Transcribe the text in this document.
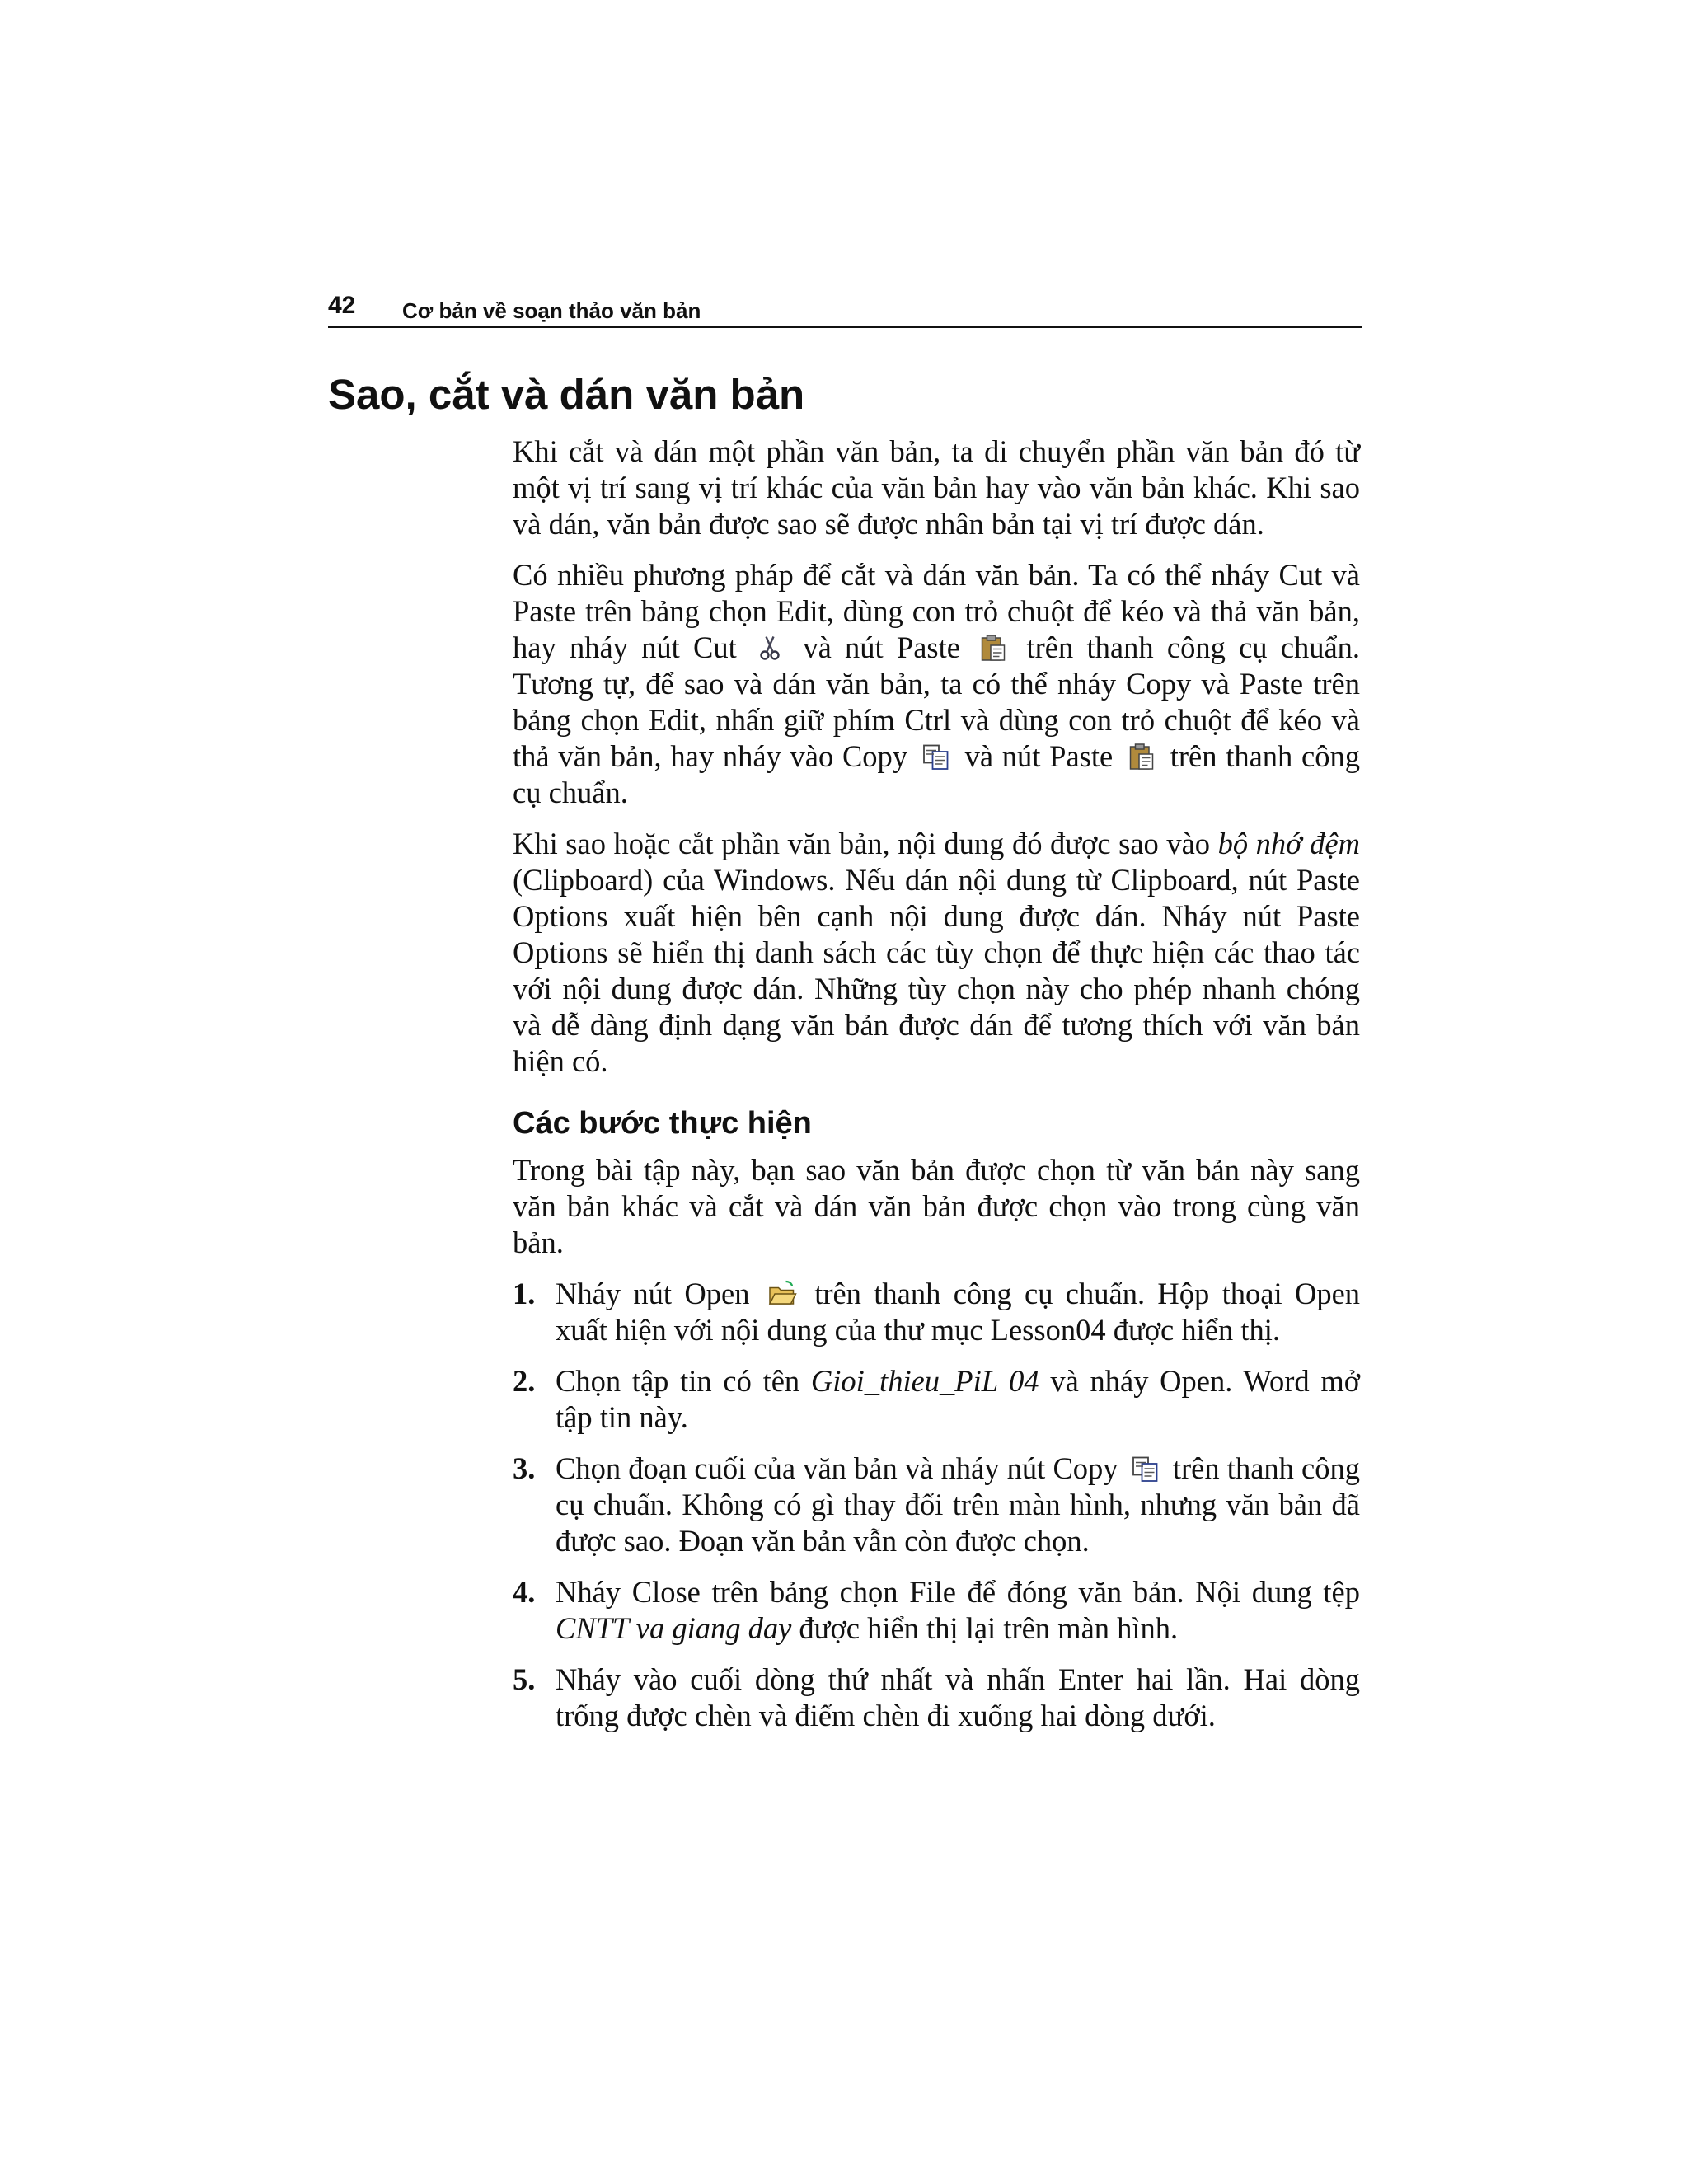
42 Cơ bản về soạn thảo văn bản
Sao, cắt và dán văn bản

Khi cắt và dán một phần văn bản, ta di chuyển phần văn bản đó từ một vị trí sang vị trí khác của văn bản hay vào văn bản khác. Khi sao và dán, văn bản được sao sẽ được nhân bản tại vị trí được dán.

Có nhiều phương pháp để cắt và dán văn bản. Ta có thể nháy Cut và Paste trên bảng chọn Edit, dùng con trỏ chuột để kéo và thả văn bản, hay nháy nút Cut và nút Paste trên thanh công cụ chuẩn. Tương tự, để sao và dán văn bản, ta có thể nháy Copy và Paste trên bảng chọn Edit, nhấn giữ phím Ctrl và dùng con trỏ chuột để kéo và thả văn bản, hay nháy vào Copy và nút Paste trên thanh công cụ chuẩn.

Khi sao hoặc cắt phần văn bản, nội dung đó được sao vào bộ nhớ đệm (Clipboard) của Windows. Nếu dán nội dung từ Clipboard, nút Paste Options xuất hiện bên cạnh nội dung được dán. Nháy nút Paste Options sẽ hiển thị danh sách các tùy chọn để thực hiện các thao tác với nội dung được dán. Những tùy chọn này cho phép nhanh chóng và dễ dàng định dạng văn bản được dán để tương thích với văn bản hiện có.

Các bước thực hiện

Trong bài tập này, bạn sao văn bản được chọn từ văn bản này sang văn bản khác và cắt và dán văn bản được chọn vào trong cùng văn bản.

1. Nháy nút Open trên thanh công cụ chuẩn. Hộp thoại Open xuất hiện với nội dung của thư mục Lesson04 được hiển thị.

2. Chọn tập tin có tên Gioi_thieu_PiL 04 và nháy Open. Word mở tập tin này.

3. Chọn đoạn cuối của văn bản và nháy nút Copy trên thanh công cụ chuẩn. Không có gì thay đổi trên màn hình, nhưng văn bản đã được sao. Đoạn văn bản vẫn còn được chọn.

4. Nháy Close trên bảng chọn File để đóng văn bản. Nội dung tệp CNTT va giang day được hiển thị lại trên màn hình.

5. Nháy vào cuối dòng thứ nhất và nhấn Enter hai lần. Hai dòng trống được chèn và điểm chèn đi xuống hai dòng dưới.
